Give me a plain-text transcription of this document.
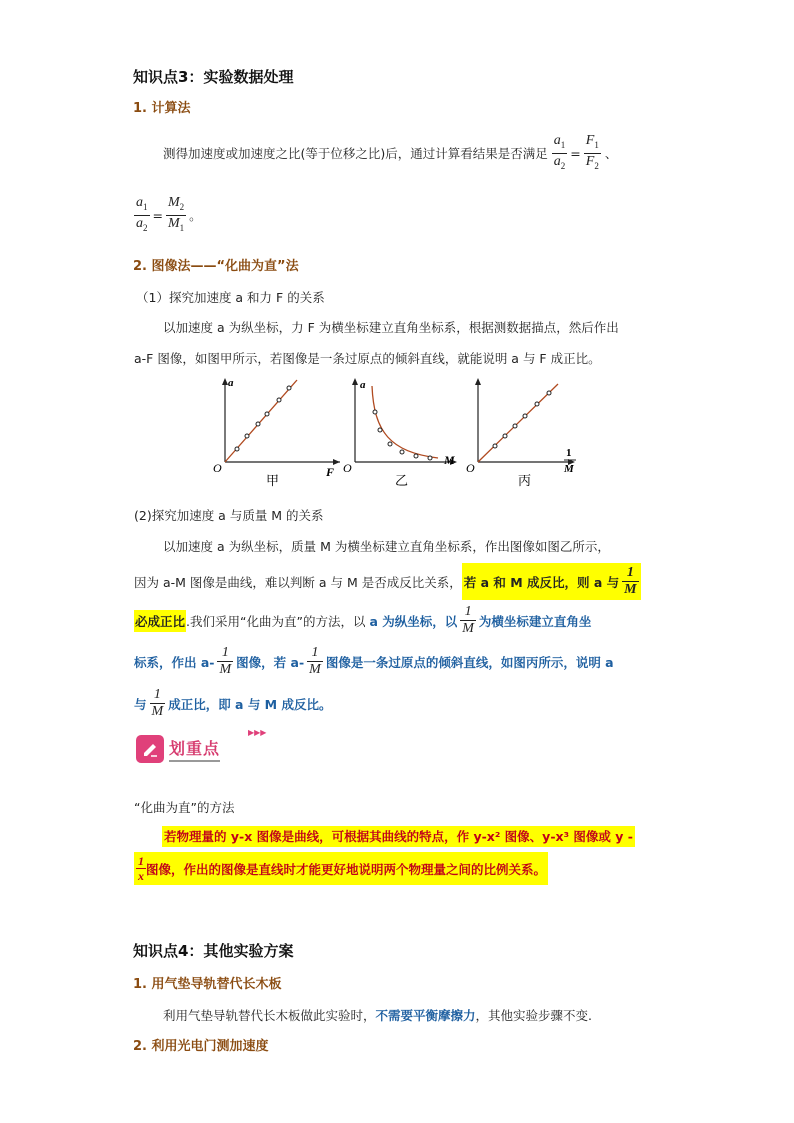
知识点3：实验数据处理
1. 计算法
测得加速度或加速度之比(等于位移之比)后，通过计算看结果是否满足 $\frac{a_1}{a_2} = \frac{F_1}{F_2}$ 、
$\frac{a_1}{a_2} = \frac{M_2}{M_1}$ 。
2. 图像法——“化曲为直”法
（1）探究加速度 a 和力 F 的关系
以加速度 a 为纵坐标，力 F 为横坐标建立直角坐标系，根据测数据描点，然后作出
a-F 图像，如图甲所示，若图像是一条过原点的倾斜直线，就能说明 a 与 F 成正比。
a
O	F
甲
a
O
M
乙
O
1
M
丙
(2)探究加速度 a 与质量 M 的关系
以加速度 a 为纵坐标，质量 M 为横坐标建立直角坐标系，作出图像如图乙所示，
因为 a-M 图像是曲线，难以判断 a 与 M 是否成反比关系， 若 a 和 M 成反比，则 a 与 $\frac{1}{M}$
必成正比 .我们采用“化曲为直”的方法，以 a 为纵坐标，以 $\frac{1}{M}$ 为横坐标建立直角坐
标系，作出 $a- \frac{1}{M}$ 图像，若 $a- \frac{1}{M}$ 图像是一条过原点的倾斜直线，如图丙所示，说明 a
与 $\frac{1}{M}$ 成正比，即 a 与 M 成反比。
划重点
▶▶▶
“化曲为直”的方法
若物理量的 y-x 图像是曲线，可根据其曲线的特点，作 y-x² 图像、y-x³ 图像或 y -
$\frac{1}{x}$ 图像，作出的图像是直线时才能更好地说明两个物理量之间的比例关系。
知识点4：其他实验方案
1. 用气垫导轨替代长木板
利用气垫导轨替代长木板做此实验时，不需要平衡摩擦力，其他实验步骤不变.
2. 利用光电门测加速度
